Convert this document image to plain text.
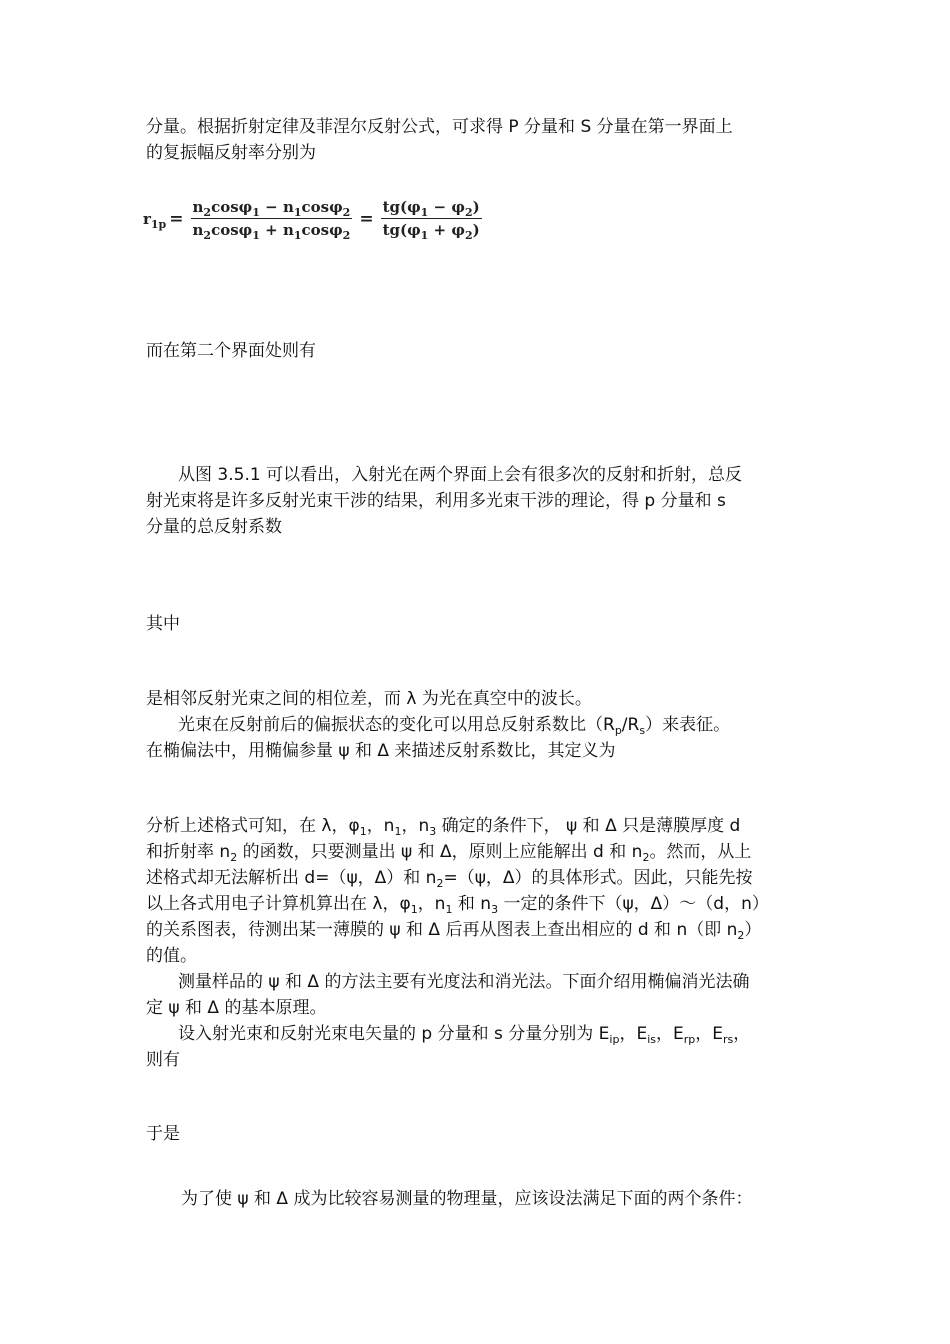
分量。根据折射定律及菲涅尔反射公式，可求得 P 分量和 S 分量在第一界面上
的复振幅反射率分别为
$r_{1p} = \frac{n_2\cos\varphi_1 - n_1\cos\varphi_2}{n_2\cos\varphi_1 + n_1\cos\varphi_2} = \frac{tg(\varphi_1 - \varphi_2)}{tg(\varphi_1 + \varphi_2)}$
而在第二个界面处则有
从图 3.5.1 可以看出，入射光在两个界面上会有很多次的反射和折射，总反
射光束将是许多反射光束干涉的结果，利用多光束干涉的理论，得 p 分量和 s
分量的总反射系数
其中
是相邻反射光束之间的相位差，而 λ 为光在真空中的波长。
光束在反射前后的偏振状态的变化可以用总反射系数比$(R_p/R_s)$来表征。
在椭偏法中，用椭偏参量 ψ 和 Δ 来描述反射系数比，其定义为
分析上述格式可知，在 λ，$\varphi_1$，$n_1$，$n_3$ 确定的条件下， ψ 和 Δ 只是薄膜厚度 d
和折射率 $n_2$ 的函数，只要测量出 ψ 和 Δ，原则上应能解出 d 和 $n_2$。然而，从上
述格式却无法解析出 d=（ψ，Δ）和 $n_2=(\psi$，Δ）的具体形式。因此，只能先按
以上各式用电子计算机算出在 λ，$\varphi_1$，$n_1$ 和 $n_3$ 一定的条件下（ψ，Δ）～（d，n）
的关系图表，待测出某一薄膜的 ψ 和 Δ 后再从图表上查出相应的 d 和 n（即 $n_2$）
的值。
测量样品的 ψ 和 Δ 的方法主要有光度法和消光法。下面介绍用椭偏消光法确
定 ψ 和 Δ 的基本原理。
设入射光束和反射光束电矢量的 p 分量和 s 分量分别为 $E_{ip}$，$E_{is}$，$E_{rp}$，$E_{rs}$，
则有
于是
为了使 ψ 和 Δ 成为比较容易测量的物理量，应该设法满足下面的两个条件：
